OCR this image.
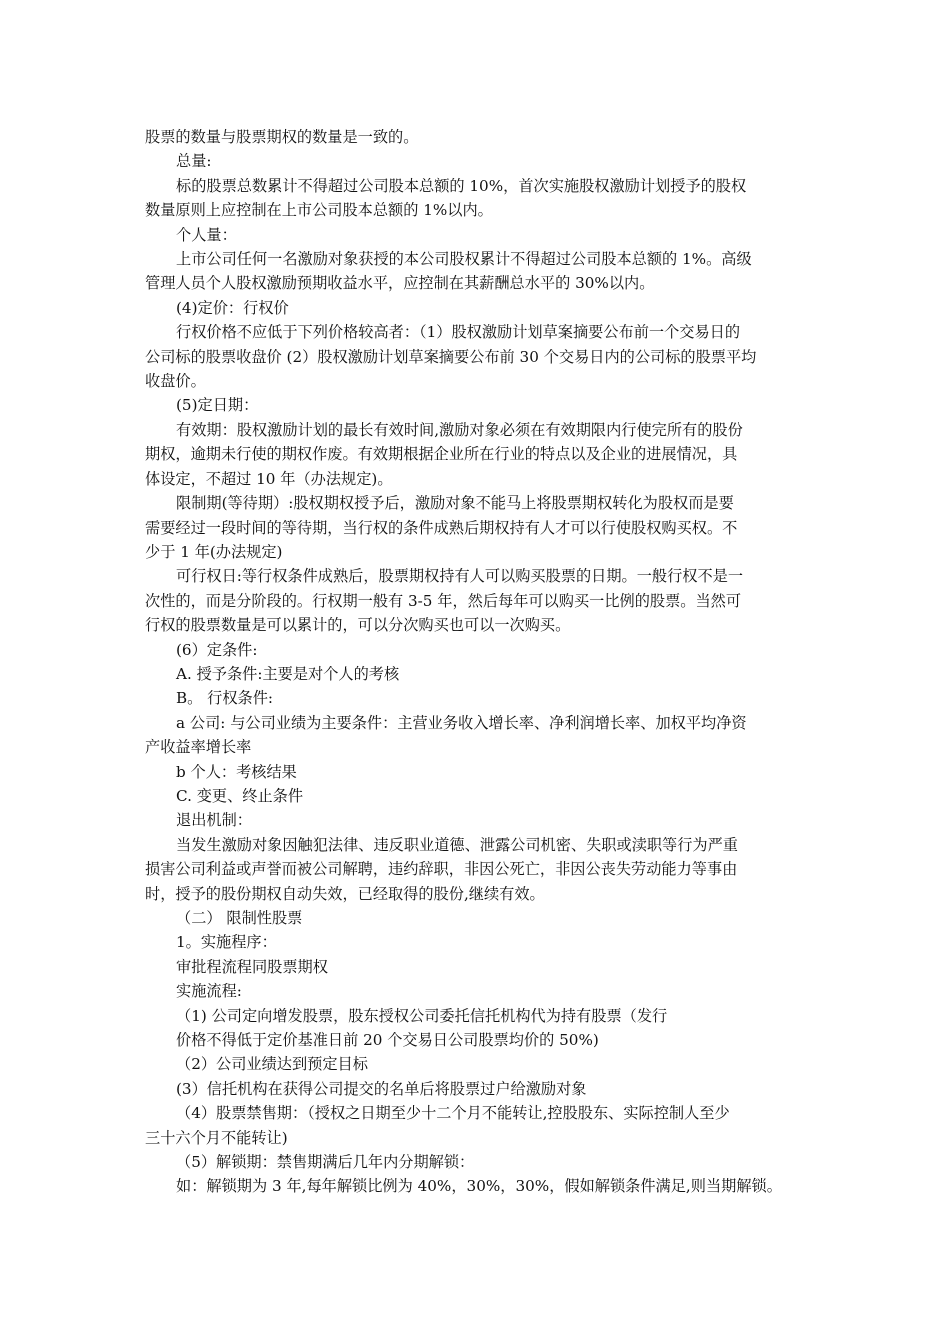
股票的数量与股票期权的数量是一致的。

总量:

标的股票总数累计不得超过公司股本总额的 10%，首次实施股权激励计划授予的股权

数量原则上应控制在上市公司股本总额的 1%以内。

个人量：

上市公司任何一名激励对象获授的本公司股权累计不得超过公司股本总额的 1%。高级

管理人员个人股权激励预期收益水平，应控制在其薪酬总水平的 30%以内。

(4)定价：行权价

行权价格不应低于下列价格较高者：（1）股权激励计划草案摘要公布前一个交易日的

公司标的股票收盘价 (2）股权激励计划草案摘要公布前 30 个交易日内的公司标的股票平均

收盘价。

(5)定日期：

有效期：股权激励计划的最长有效时间,激励对象必须在有效期限内行使完所有的股份

期权，逾期未行使的期权作废。有效期根据企业所在行业的特点以及企业的进展情况，具

体设定，不超过 10 年（办法规定)。

限制期(等待期）:股权期权授予后，激励对象不能马上将股票期权转化为股权而是要

需要经过一段时间的等待期，当行权的条件成熟后期权持有人才可以行使股权购买权。不

少于 1 年(办法规定)

可行权日:等行权条件成熟后，股票期权持有人可以购买股票的日期。一般行权不是一

次性的，而是分阶段的。行权期一般有 3-5 年，然后每年可以购买一比例的股票。当然可

行权的股票数量是可以累计的，可以分次购买也可以一次购买。

(6）定条件:

A. 授予条件:主要是对个人的考核

B。 行权条件:

a 公司: 与公司业绩为主要条件：主营业务收入增长率、净利润增长率、加权平均净资

产收益率增长率

b 个人：考核结果

C. 变更、终止条件

退出机制：

当发生激励对象因触犯法律、违反职业道德、泄露公司机密、失职或渎职等行为严重

损害公司利益或声誉而被公司解聘，违约辞职，非因公死亡，非因公丧失劳动能力等事由

时，授予的股份期权自动失效，已经取得的股份,继续有效。

（二） 限制性股票

1。实施程序：

审批程流程同股票期权

实施流程:

（1) 公司定向增发股票，股东授权公司委托信托机构代为持有股票（发行

价格不得低于定价基准日前 20 个交易日公司股票均价的 50%)

（2）公司业绩达到预定目标

(3）信托机构在获得公司提交的名单后将股票过户给激励对象

（4）股票禁售期：（授权之日期至少十二个月不能转让,控股股东、实际控制人至少

三十六个月不能转让)

（5）解锁期：禁售期满后几年内分期解锁：

如：解锁期为 3 年,每年解锁比例为 40%，30%，30%，假如解锁条件满足,则当期解锁。
